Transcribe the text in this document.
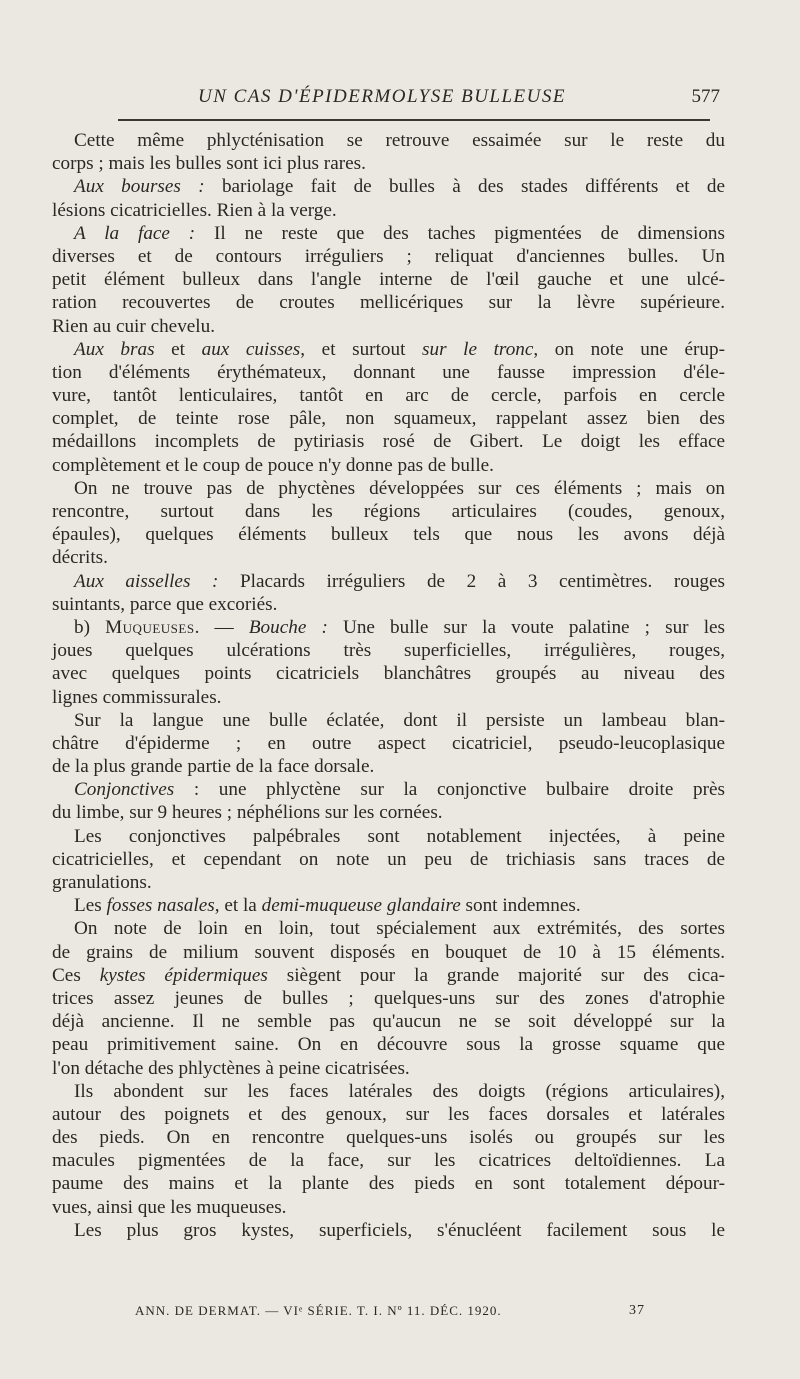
UN CAS D'ÉPIDERMOLYSE BULLEUSE	577
Cette même phlycténisation se retrouve essaimée sur le reste du
corps ; mais les bulles sont ici plus rares.
Aux bourses : bariolage fait de bulles à des stades différents et de
lésions cicatricielles. Rien à la verge.
A la face : Il ne reste que des taches pigmentées de dimensions
diverses et de contours irréguliers ; reliquat d'anciennes bulles. Un
petit élément bulleux dans l'angle interne de l'œil gauche et une ulcé-
ration recouvertes de croutes mellicériques sur la lèvre supérieure.
Rien au cuir chevelu.
Aux bras et aux cuisses, et surtout sur le tronc, on note une érup-
tion d'éléments érythémateux, donnant une fausse impression d'éle-
vure, tantôt lenticulaires, tantôt en arc de cercle, parfois en cercle
complet, de teinte rose pâle, non squameux, rappelant assez bien des
médaillons incomplets de pytiriasis rosé de Gibert. Le doigt les efface
complètement et le coup de pouce n'y donne pas de bulle.
On ne trouve pas de phyctènes développées sur ces éléments ; mais on
rencontre, surtout dans les régions articulaires (coudes, genoux,
épaules), quelques éléments bulleux tels que nous les avons déjà
décrits.
Aux aisselles : Placards irréguliers de 2 à 3 centimètres. rouges
suintants, parce que excoriés.
b) Muqueuses. — Bouche : Une bulle sur la voute palatine ; sur les
joues quelques ulcérations très superficielles, irrégulières, rouges,
avec quelques points cicatriciels blanchâtres groupés au niveau des
lignes commissurales.
Sur la langue une bulle éclatée, dont il persiste un lambeau blan-
châtre d'épiderme ; en outre aspect cicatriciel, pseudo-leucoplasique
de la plus grande partie de la face dorsale.
Conjonctives : une phlyctène sur la conjonctive bulbaire droite près
du limbe, sur 9 heures ; néphélions sur les cornées.
Les conjonctives palpébrales sont notablement injectées, à peine
cicatricielles, et cependant on note un peu de trichiasis sans traces de
granulations.
Les fosses nasales, et la demi-muqueuse glandaire sont indemnes.
On note de loin en loin, tout spécialement aux extrémités, des sortes
de grains de milium souvent disposés en bouquet de 10 à 15 éléments.
Ces kystes épidermiques siègent pour la grande majorité sur des cica-
trices assez jeunes de bulles ; quelques-uns sur des zones d'atrophie
déjà ancienne. Il ne semble pas qu'aucun ne se soit développé sur la
peau primitivement saine. On en découvre sous la grosse squame que
l'on détache des phlyctènes à peine cicatrisées.
Ils abondent sur les faces latérales des doigts (régions articulaires),
autour des poignets et des genoux, sur les faces dorsales et latérales
des pieds. On en rencontre quelques-uns isolés ou groupés sur les
macules pigmentées de la face, sur les cicatrices deltoïdiennes. La
paume des mains et la plante des pieds en sont totalement dépour-
vues, ainsi que les muqueuses.
Les plus gros kystes, superficiels, s'énucléent facilement sous le
ANN. DE DERMAT. — VIᵉ SÉRIE. T. I. Nº 11. DÉC. 1920.	37
